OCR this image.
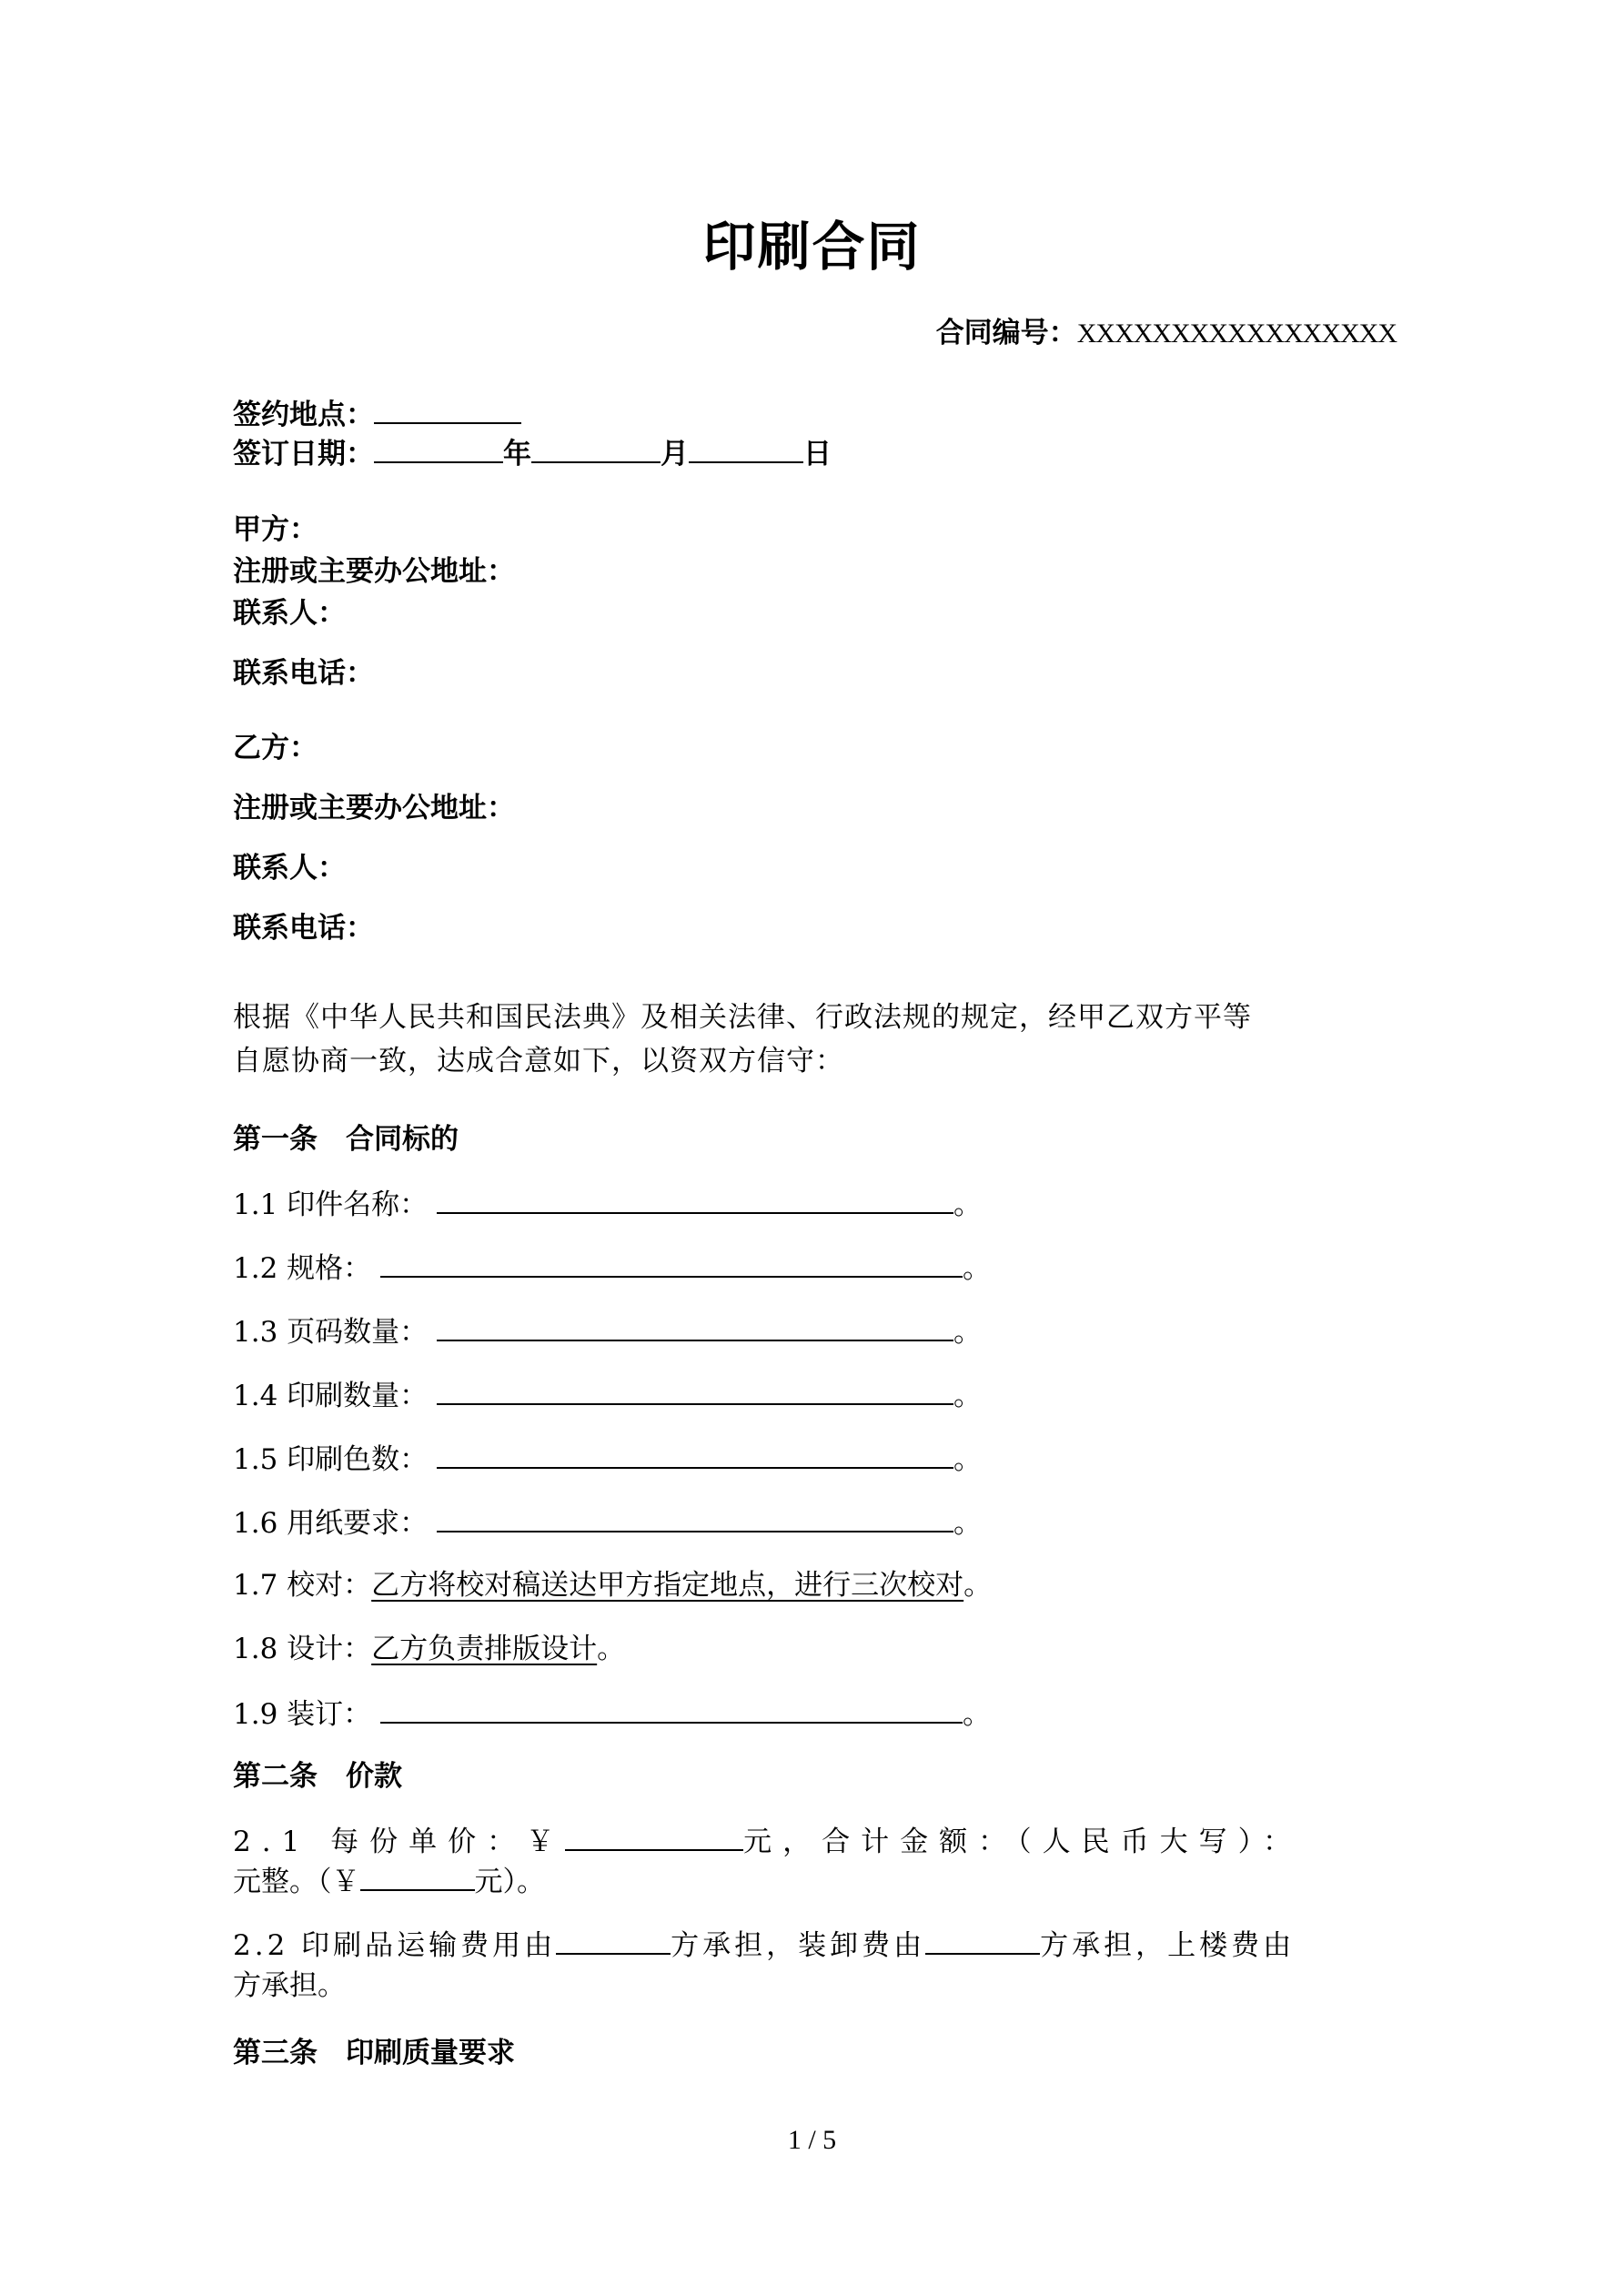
印刷合同
合同编号：XXXXXXXXXXXXXXXXX
签约地点：
签订日期：	年	月	日
甲方：
注册或主要办公地址：
联系人：
联系电话：
乙方：
注册或主要办公地址：
联系人：
联系电话：
根据《中华人民共和国民法典》及相关法律、行政法规的规定，经甲乙双方平等
自愿协商一致，达成合意如下，以资双方信守：
第一条　合同标的
1.1 印件名称：	。
1.2 规格：	。
1.3 页码数量：	。
1.4 印刷数量：	。
1.5 印刷色数：	。
1.6 用纸要求：	。
1.7 校对：乙方将校对稿送达甲方指定地点，进行三次校对。
1.8 设计：乙方负责排版设计。
1.9 装订：	。
第二条　价款
2.1 每份单价：￥	元，合计金额：（人民币大写）：
元整。（￥	元）。
2.2 印刷品运输费用由	方承担，装卸费由	方承担，上楼费由
方承担。
第三条　印刷质量要求
1 / 5
